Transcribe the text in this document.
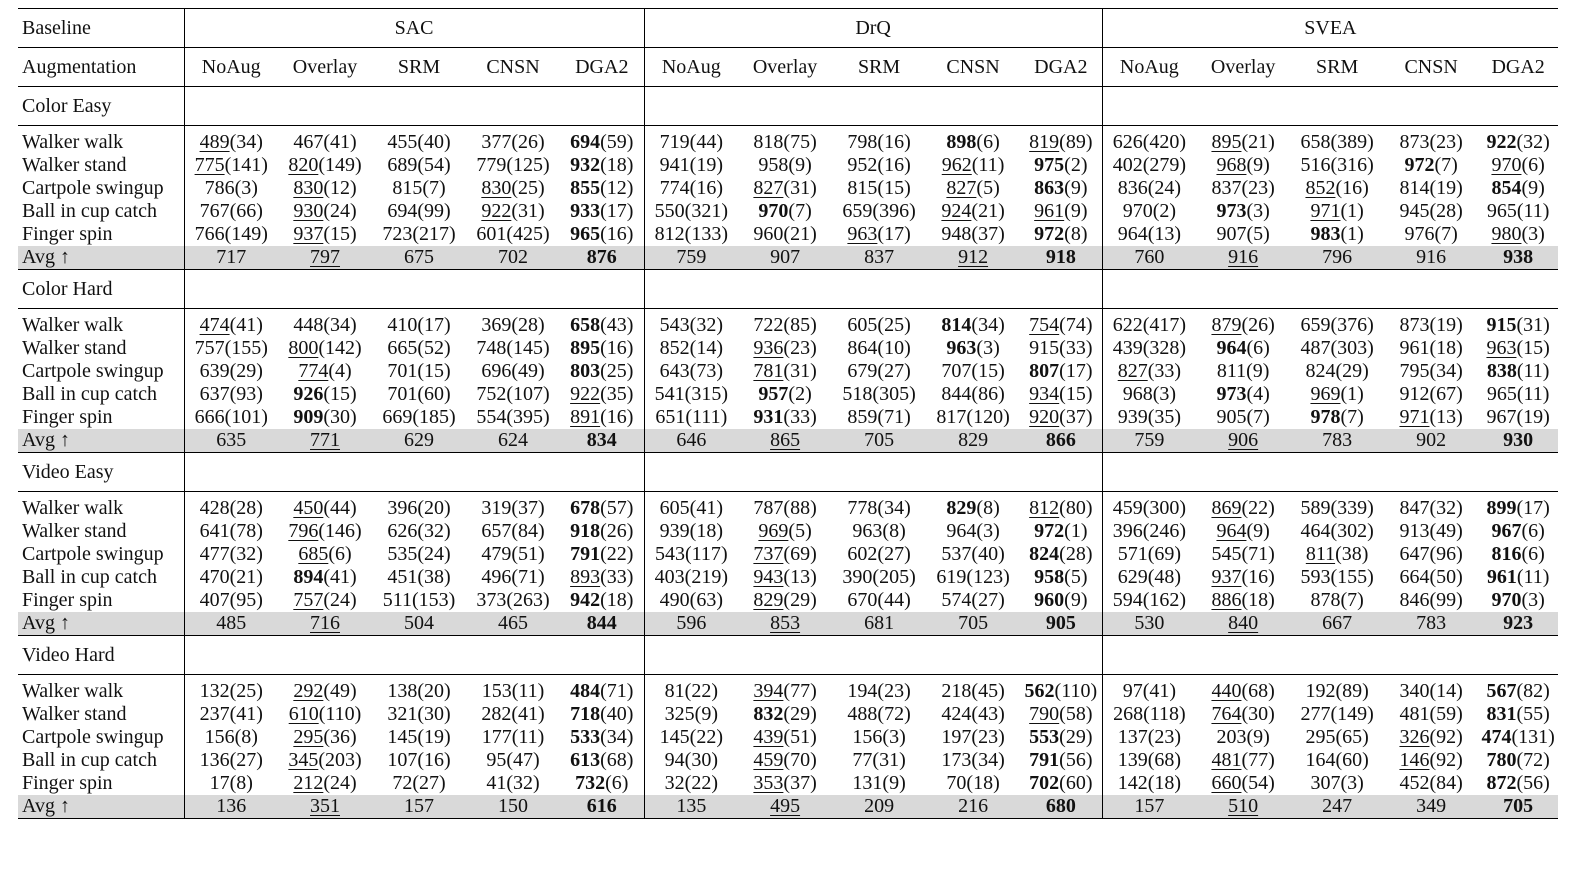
Baseline	SAC					DrQ					SVEA				
Augmentation	NoAug	Overlay	SRM	CNSN	DGA2	NoAug	Overlay	SRM	CNSN	DGA2	NoAug	Overlay	SRM	CNSN	DGA2
Color Easy															

Walker walk	489(34)	467(41)	455(40)	377(26)	694(59)	719(44)	818(75)	798(16)	898(6)	819(89)	626(420)	895(21)	658(389)	873(23)	922(32)
Walker stand	775(141)	820(149)	689(54)	779(125)	932(18)	941(19)	958(9)	952(16)	962(11)	975(2)	402(279)	968(9)	516(316)	972(7)	970(6)
Cartpole swingup	786(3)	830(12)	815(7)	830(25)	855(12)	774(16)	827(31)	815(15)	827(5)	863(9)	836(24)	837(23)	852(16)	814(19)	854(9)
Ball in cup catch	767(66)	930(24)	694(99)	922(31)	933(17)	550(321)	970(7)	659(396)	924(21)	961(9)	970(2)	973(3)	971(1)	945(28)	965(11)
Finger spin	766(149)	937(15)	723(217)	601(425)	965(16)	812(133)	960(21)	963(17)	948(37)	972(8)	964(13)	907(5)	983(1)	976(7)	980(3)
Avg ↑	717	797	675	702	876	759	907	837	912	918	760	916	796	916	938
Color Hard															

Walker walk	474(41)	448(34)	410(17)	369(28)	658(43)	543(32)	722(85)	605(25)	814(34)	754(74)	622(417)	879(26)	659(376)	873(19)	915(31)
Walker stand	757(155)	800(142)	665(52)	748(145)	895(16)	852(14)	936(23)	864(10)	963(3)	915(33)	439(328)	964(6)	487(303)	961(18)	963(15)
Cartpole swingup	639(29)	774(4)	701(15)	696(49)	803(25)	643(73)	781(31)	679(27)	707(15)	807(17)	827(33)	811(9)	824(29)	795(34)	838(11)
Ball in cup catch	637(93)	926(15)	701(60)	752(107)	922(35)	541(315)	957(2)	518(305)	844(86)	934(15)	968(3)	973(4)	969(1)	912(67)	965(11)
Finger spin	666(101)	909(30)	669(185)	554(395)	891(16)	651(111)	931(33)	859(71)	817(120)	920(37)	939(35)	905(7)	978(7)	971(13)	967(19)
Avg ↑	635	771	629	624	834	646	865	705	829	866	759	906	783	902	930
Video Easy															

Walker walk	428(28)	450(44)	396(20)	319(37)	678(57)	605(41)	787(88)	778(34)	829(8)	812(80)	459(300)	869(22)	589(339)	847(32)	899(17)
Walker stand	641(78)	796(146)	626(32)	657(84)	918(26)	939(18)	969(5)	963(8)	964(3)	972(1)	396(246)	964(9)	464(302)	913(49)	967(6)
Cartpole swingup	477(32)	685(6)	535(24)	479(51)	791(22)	543(117)	737(69)	602(27)	537(40)	824(28)	571(69)	545(71)	811(38)	647(96)	816(6)
Ball in cup catch	470(21)	894(41)	451(38)	496(71)	893(33)	403(219)	943(13)	390(205)	619(123)	958(5)	629(48)	937(16)	593(155)	664(50)	961(11)
Finger spin	407(95)	757(24)	511(153)	373(263)	942(18)	490(63)	829(29)	670(44)	574(27)	960(9)	594(162)	886(18)	878(7)	846(99)	970(3)
Avg ↑	485	716	504	465	844	596	853	681	705	905	530	840	667	783	923
Video Hard															

Walker walk	132(25)	292(49)	138(20)	153(11)	484(71)	81(22)	394(77)	194(23)	218(45)	562(110)	97(41)	440(68)	192(89)	340(14)	567(82)
Walker stand	237(41)	610(110)	321(30)	282(41)	718(40)	325(9)	832(29)	488(72)	424(43)	790(58)	268(118)	764(30)	277(149)	481(59)	831(55)
Cartpole swingup	156(8)	295(36)	145(19)	177(11)	533(34)	145(22)	439(51)	156(3)	197(23)	553(29)	137(23)	203(9)	295(65)	326(92)	474(131)
Ball in cup catch	136(27)	345(203)	107(16)	95(47)	613(68)	94(30)	459(70)	77(31)	173(34)	791(56)	139(68)	481(77)	164(60)	146(92)	780(72)
Finger spin	17(8)	212(24)	72(27)	41(32)	732(6)	32(22)	353(37)	131(9)	70(18)	702(60)	142(18)	660(54)	307(3)	452(84)	872(56)
Avg ↑	136	351	157	150	616	135	495	209	216	680	157	510	247	349	705
